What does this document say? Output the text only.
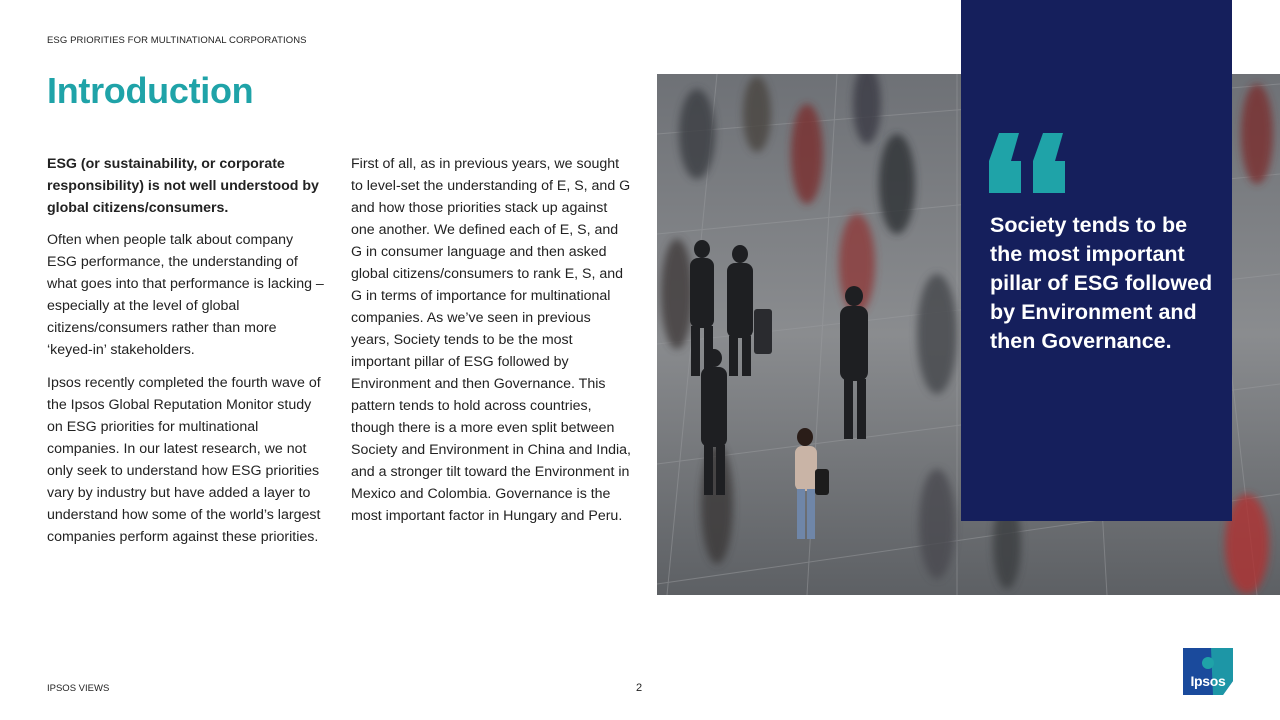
ESG PRIORITIES FOR MULTINATIONAL CORPORATIONS
Introduction

ESG (or sustainability, or corporate responsibility) is not well understood by global citizens/consumers.

Often when people talk about company ESG performance, the understanding of what goes into that performance is lacking – especially at the level of global citizens/consumers rather than more ‘keyed-in’ stakeholders.

Ipsos recently completed the fourth wave of the Ipsos Global Reputation Monitor study on ESG priorities for multinational companies. In our latest research, we not only seek to understand how ESG priorities vary by industry but have added a layer to understand how some of the world’s largest companies perform against these priorities.

First of all, as in previous years, we sought to level-set the understanding of E, S, and G and how those priorities stack up against one another. We defined each of E, S, and G in consumer language and then asked global citizens/consumers to rank E, S, and G in terms of importance for multinational companies. As we’ve seen in previous years, Society tends to be the most important pillar of ESG followed by Environment and then Governance. This pattern tends to hold across countries, though there is a more even split between Society and Environment in China and India, and a stronger tilt toward the Environment in Mexico and Colombia. Governance is the most important factor in Hungary and Peru.

Society tends to be the most important pillar of ESG followed by Environment and then Governance.
IPSOS VIEWS	2	Ipsos
